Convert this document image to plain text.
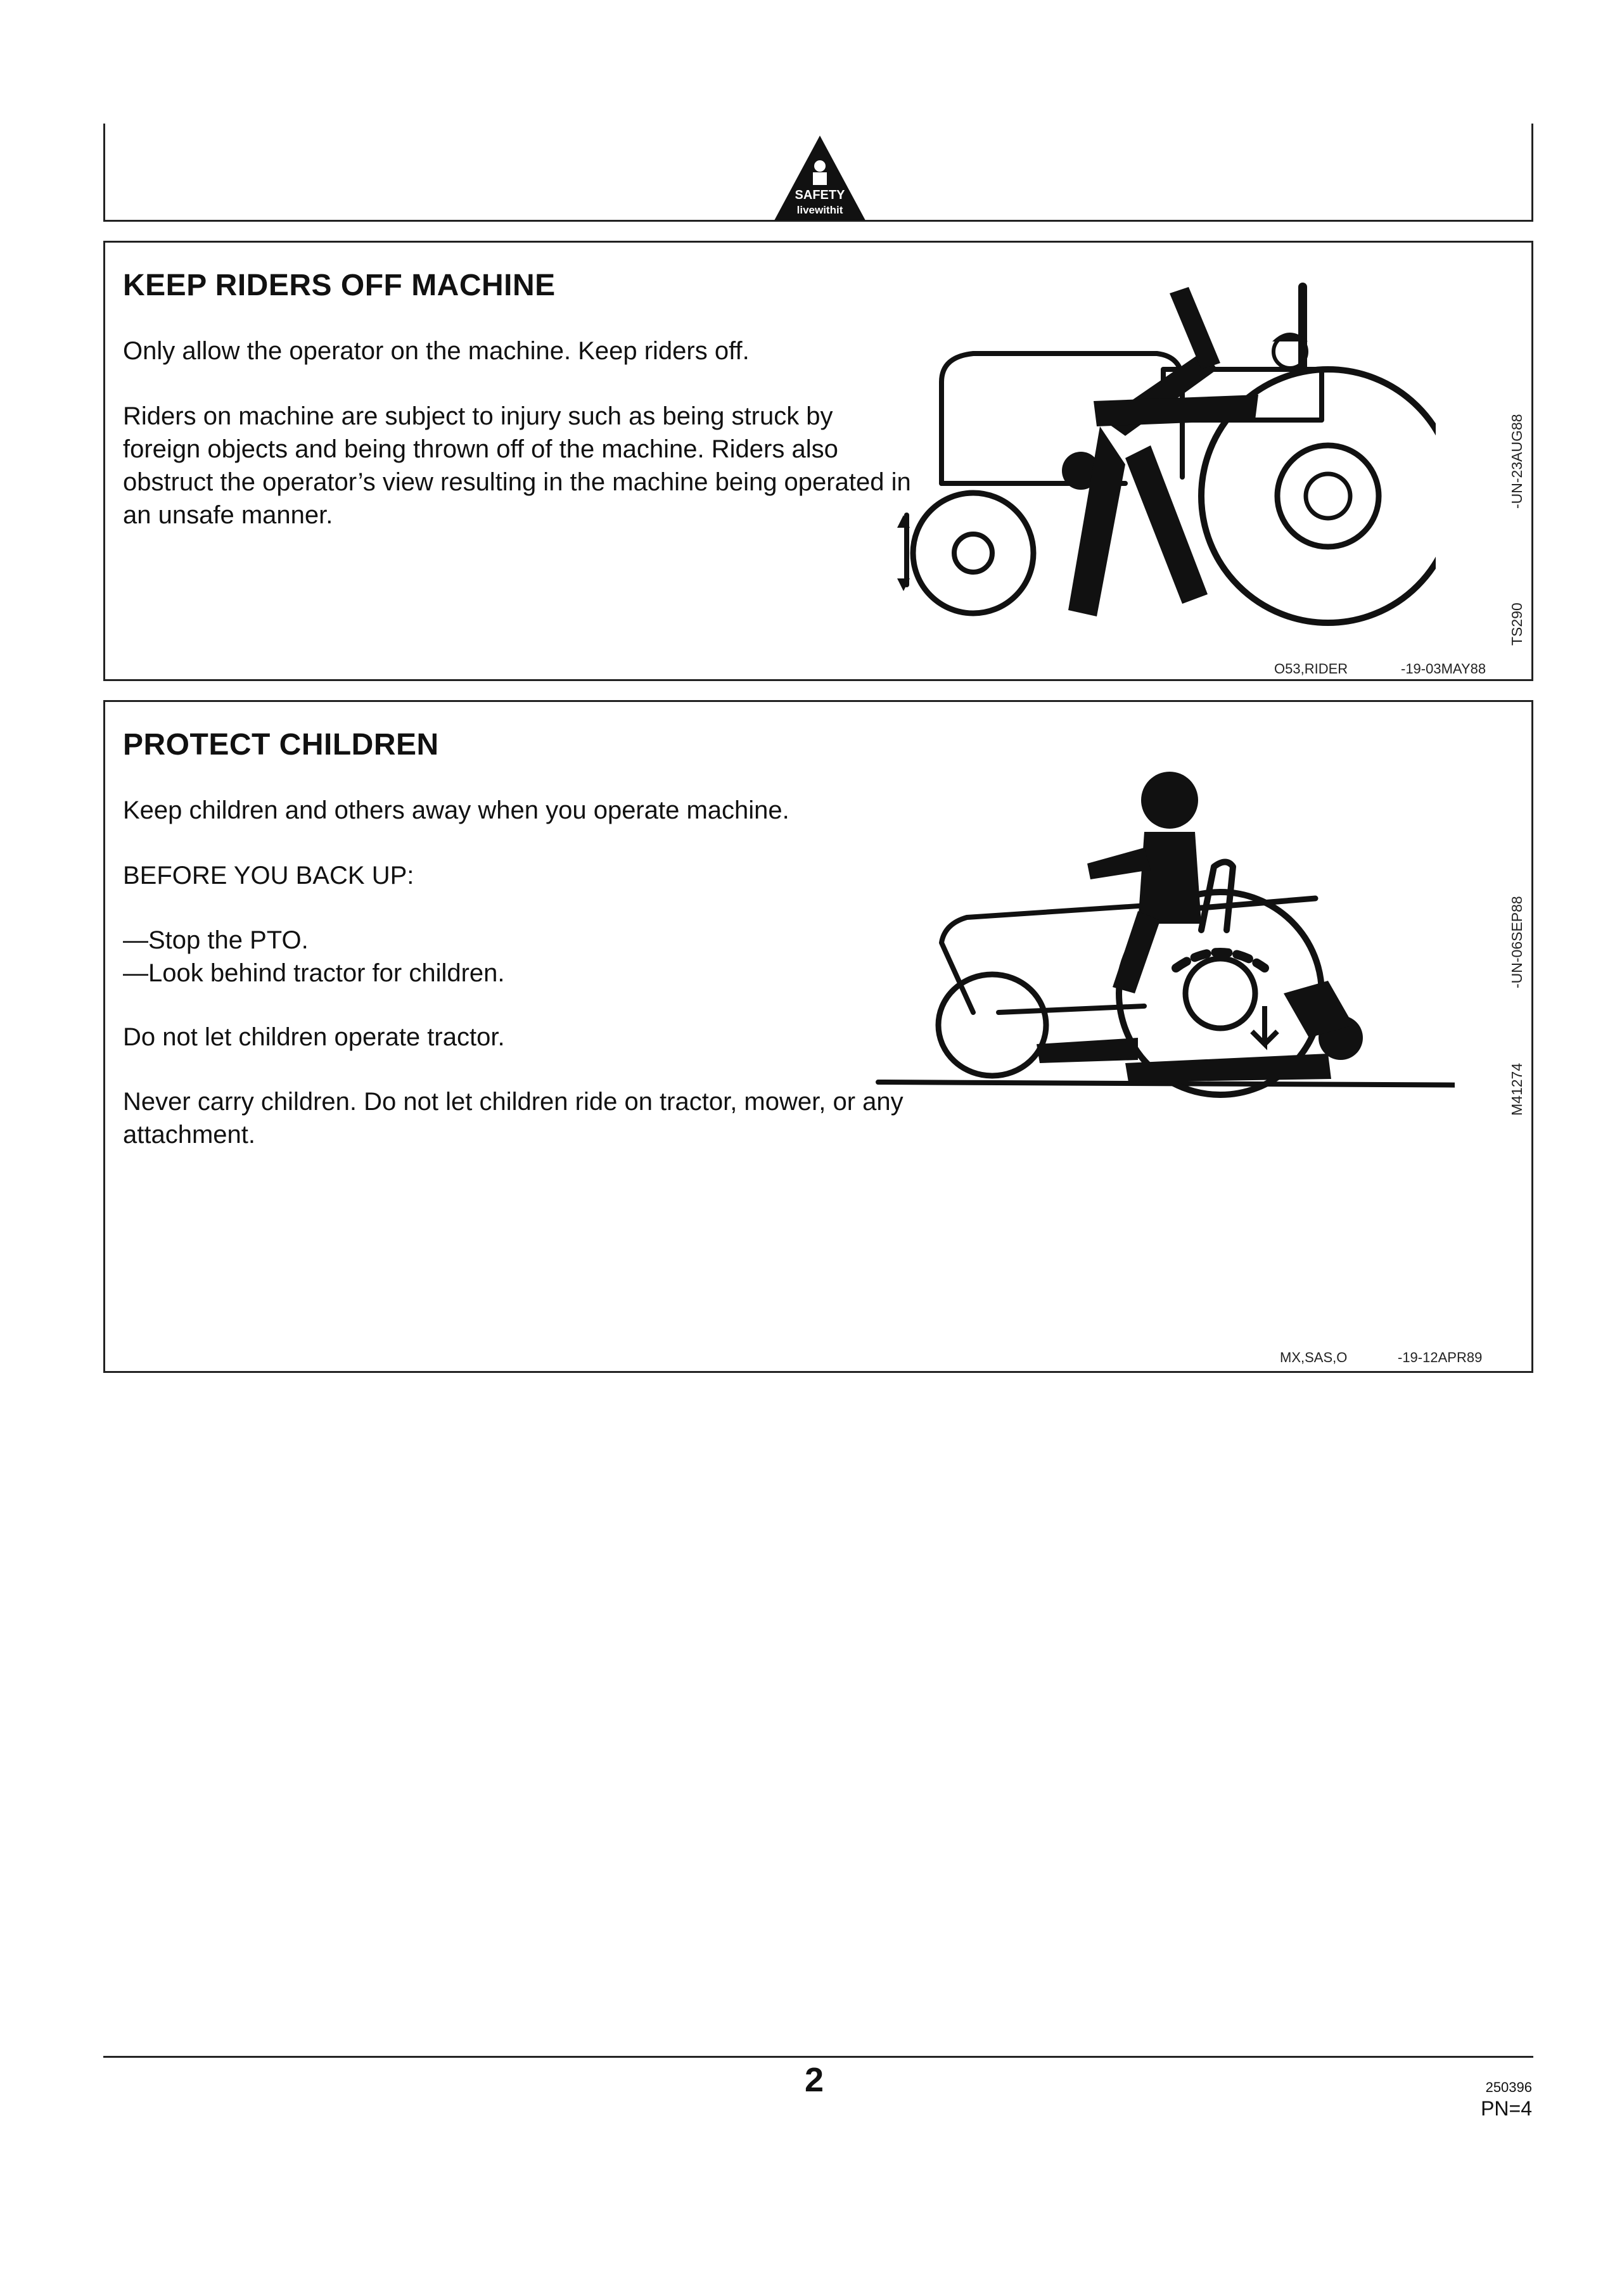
SAFETY
livewithit
KEEP RIDERS OFF MACHINE
Only allow the operator on the machine. Keep riders off.
Riders on machine are subject to injury such as being struck by foreign objects and being thrown off of the machine. Riders also obstruct the operator’s view resulting in the machine being operated in an unsafe manner.
-UN-23AUG88
TS290
O53,RIDER	-19-03MAY88
PROTECT CHILDREN
Keep children and others away when you operate machine.
BEFORE YOU BACK UP:
—Stop the PTO.
—Look behind tractor for children.
Do not let children operate tractor.
Never carry children. Do not let children ride on tractor, mower, or any attachment.
-UN-06SEP88
M41274
MX,SAS,O	-19-12APR89
2	250396
PN=4
